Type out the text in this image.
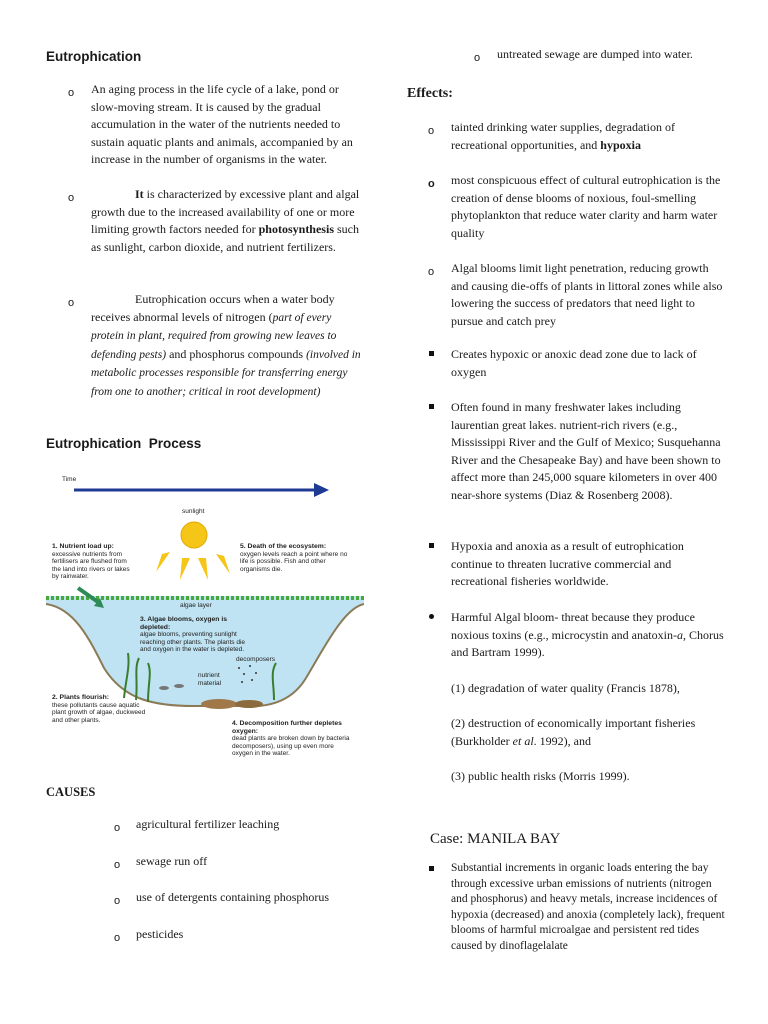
Eutrophication
o An aging process in the life cycle of a lake, pond or slow-moving stream. It is caused by the gradual accumulation in the water of the nutrients needed to sustain aquatic plants and animals, accompanied by an increase in the number of organisms in the water.
o	It is characterized by excessive plant and algal growth due to the increased availability of one or more limiting growth factors needed for photosynthesis such as sunlight, carbon dioxide, and nutrient fertilizers.
o	Eutrophication occurs when a water body receives abnormal levels of nitrogen (part of every protein in plant, required from growing new leaves to defending pests) and phosphorus compounds (involved in metabolic processes responsible for transferring energy from one to another; critical in root development)
Eutrophication  Process
Time
sunlight
1. Nutrient load up:
excessive nutrients from fertilisers are flushed from the land into rivers or lakes by rainwater.
5. Death of the ecosystem:
oxygen levels reach a point where no life is possible. Fish and other organisms die.
algae layer
3. Algae blooms, oxygen is depleted:
algae blooms, preventing sunlight reaching other plants. The plants die and oxygen in the water is depleted.
decomposers
nutrient material
2. Plants flourish:
these pollutants cause aquatic plant growth of algae, duckweed and other plants.	4. Decomposition further depletes oxygen:
dead plants are broken down by bacteria decomposers), using up even more oxygen in the water.
CAUSES
o agricultural fertilizer leaching
o sewage run off
o use of detergents containing phosphorus
o pesticides
o untreated sewage are dumped into water.
Effects:
o tainted drinking water supplies, degradation of recreational opportunities, and hypoxia
o most conspicuous effect of cultural eutrophication is the creation of dense blooms of noxious, foul-smelling phytoplankton that reduce water clarity and harm water quality
o Algal blooms limit light penetration, reducing growth and causing die-offs of plants in littoral zones while also lowering the success of predators that need light to pursue and catch prey
Creates hypoxic or anoxic dead zone due to lack of oxygen
Often found in many freshwater lakes including laurentian great lakes. nutrient-rich rivers (e.g., Mississippi River and the Gulf of Mexico; Susquehanna River and the Chesapeake Bay) and have been shown to affect more than 245,000 square kilometers in over 400 near-shore systems (Diaz & Rosenberg 2008).
Hypoxia and anoxia as a result of eutrophication continue to threaten lucrative commercial and recreational fisheries worldwide.
Harmful Algal bloom- threat because they produce noxious toxins (e.g., microcystin and anatoxin-a, Chorus and Bartram 1999).
(1) degradation of water quality (Francis 1878),
(2) destruction of economically important fisheries (Burkholder et al. 1992), and
(3) public health risks (Morris 1999).
Case: MANILA BAY
Substantial increments in organic loads entering the bay through excessive urban emissions of nutrients (nitrogen and phosphorus) and heavy metals, increase incidences of hypoxia (decreased) and anoxia (completely lack), frequent blooms of harmful microalgae and persistent red tides caused by dinoflagelalate
